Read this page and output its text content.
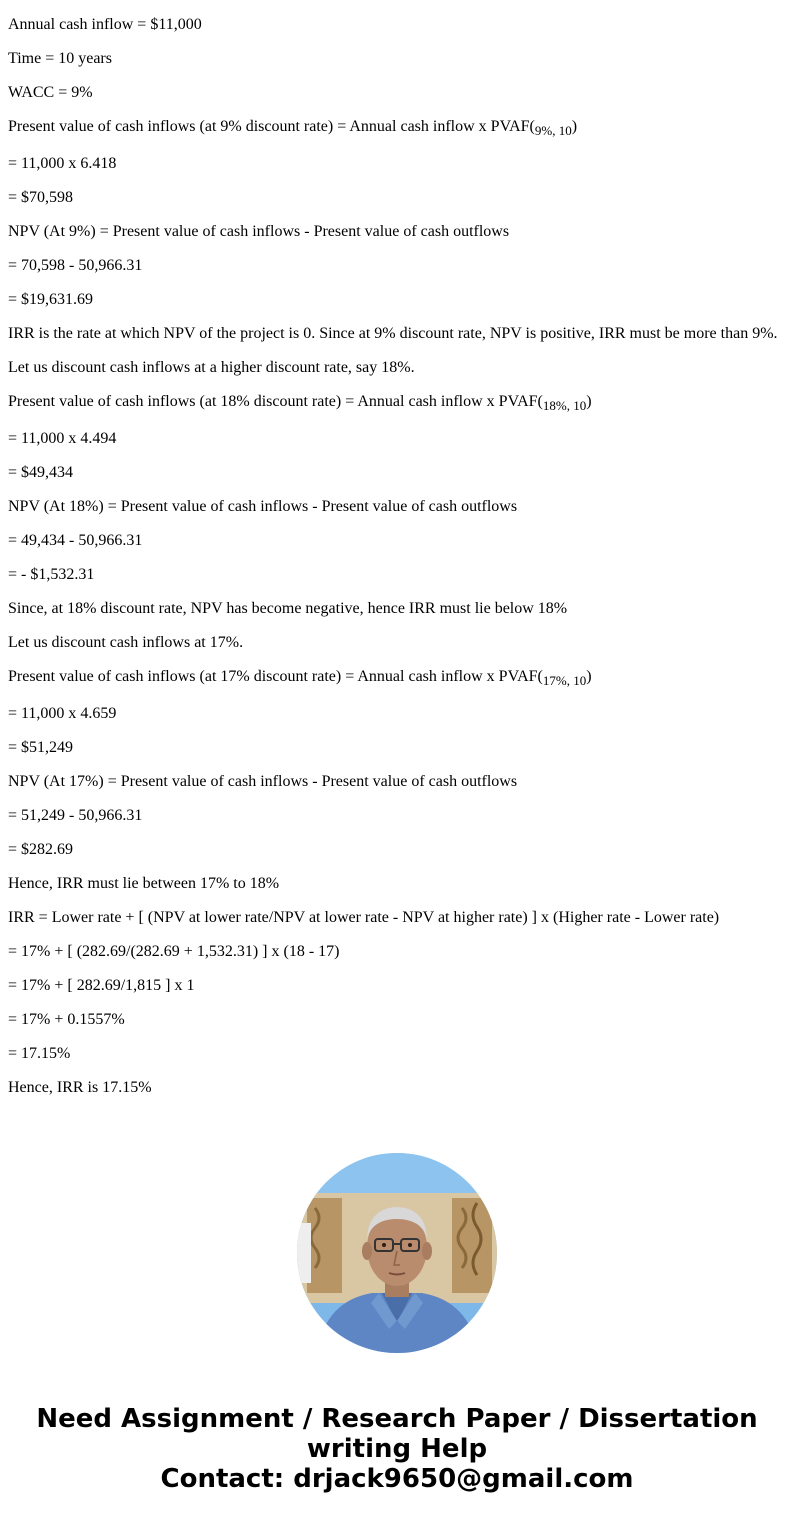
Annual cash inflow = $11,000
Time = 10 years
WACC = 9%
Present value of cash inflows (at 9% discount rate) = Annual cash inflow x $PVAF(_{9\%, 10})$
= 11,000 x 6.418
= $70,598
NPV (At 9%) = Present value of cash inflows - Present value of cash outflows
= 70,598 - 50,966.31
= $19,631.69
IRR is the rate at which NPV of the project is 0. Since at 9% discount rate, NPV is positive, IRR must be more than 9%.
Let us discount cash inflows at a higher discount rate, say 18%.
Present value of cash inflows (at 18% discount rate) = Annual cash inflow x $PVAF(_{18\%, 10})$
= 11,000 x 4.494
= $49,434
NPV (At 18%) = Present value of cash inflows - Present value of cash outflows
= 49,434 - 50,966.31
= - $1,532.31
Since, at 18% discount rate, NPV has become negative, hence IRR must lie below 18%
Let us discount cash inflows at 17%.
Present value of cash inflows (at 17% discount rate) = Annual cash inflow x $PVAF(_{17\%, 10})$
= 11,000 x 4.659
= $51,249
NPV (At 17%) = Present value of cash inflows - Present value of cash outflows
= 51,249 - 50,966.31
= $282.69
Hence, IRR must lie between 17% to 18%
IRR = Lower rate + [ (NPV at lower rate/NPV at lower rate - NPV at higher rate) ] x (Higher rate - Lower rate)
= 17% + [ (282.69/(282.69 + 1,532.31) ] x (18 - 17)
= 17% + [ 282.69/1,815 ] x 1
= 17% + 0.1557%
= 17.15%
Hence, IRR is 17.15%
Need Assignment / Research Paper / Dissertation
writing Help
Contact: drjack9650@gmail.com
